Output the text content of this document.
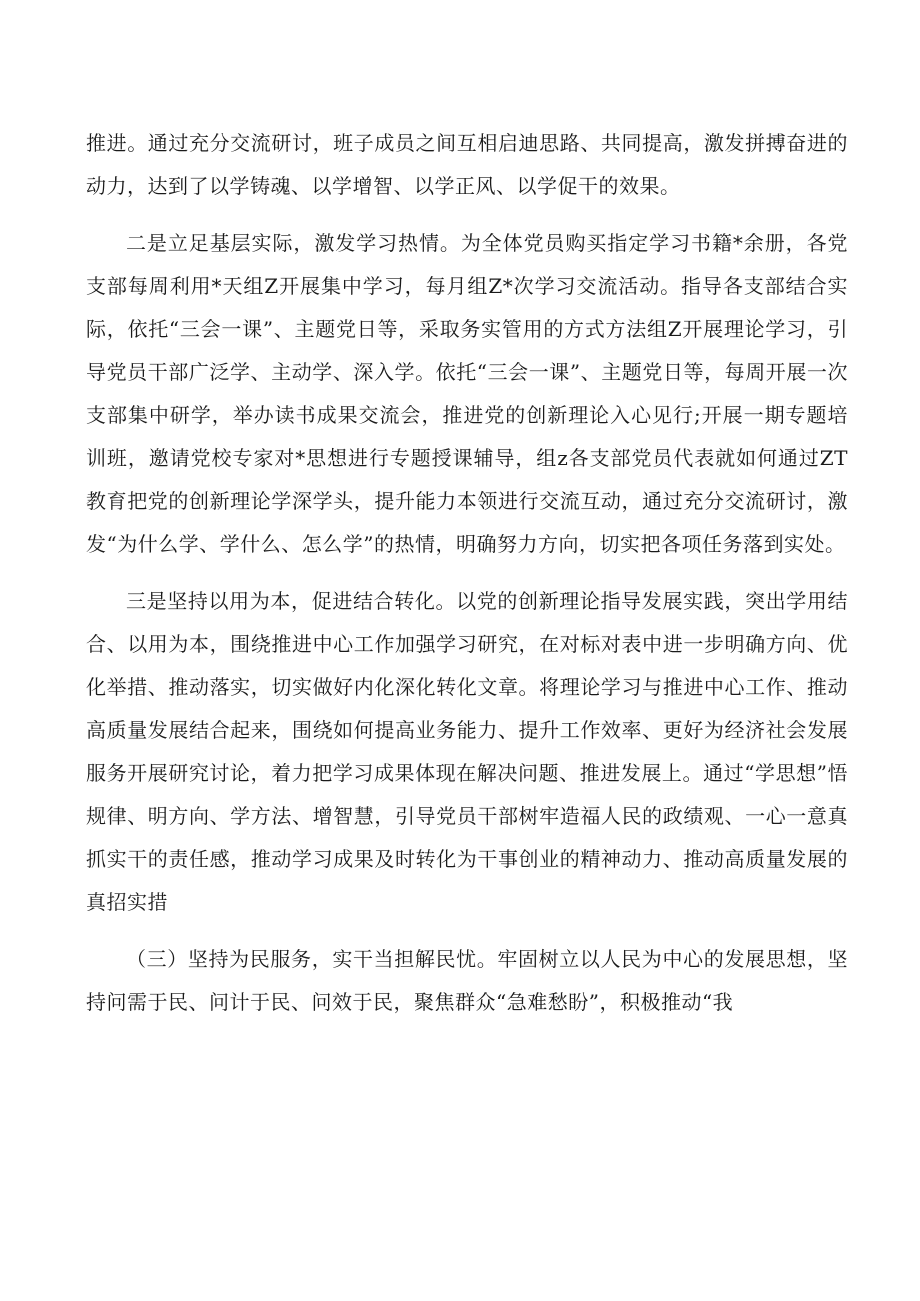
推进。通过充分交流研讨，班子成员之间互相启迪思路、共同提高，激发拼搏奋进的动力，达到了以学铸魂、以学增智、以学正风、以学促干的效果。

二是立足基层实际，激发学习热情。为全体党员购买指定学习书籍*余册，各党支部每周利用*天组Z开展集中学习，每月组Z*次学习交流活动。指导各支部结合实际，依托“三会一课”、主题党日等，采取务实管用的方式方法组Z开展理论学习，引导党员干部广泛学、主动学、深入学。依托“三会一课”、主题党日等，每周开展一次支部集中研学，举办读书成果交流会，推进党的创新理论入心见行;开展一期专题培训班，邀请党校专家对*思想进行专题授课辅导，组z各支部党员代表就如何通过ZT教育把党的创新理论学深学头，提升能力本领进行交流互动，通过充分交流研讨，激发“为什么学、学什么、怎么学”的热情，明确努力方向，切实把各项任务落到实处。

三是坚持以用为本，促进结合转化。以党的创新理论指导发展实践，突出学用结合、以用为本，围绕推进中心工作加强学习研究，在对标对表中进一步明确方向、优化举措、推动落实，切实做好内化深化转化文章。将理论学习与推进中心工作、推动高质量发展结合起来，围绕如何提高业务能力、提升工作效率、更好为经济社会发展服务开展研究讨论，着力把学习成果体现在解决问题、推进发展上。通过“学思想”悟规律、明方向、学方法、增智慧，引导党员干部树牢造福人民的政绩观、一心一意真抓实干的责任感，推动学习成果及时转化为干事创业的精神动力、推动高质量发展的真招实措

（三）坚持为民服务，实干当担解民忧。牢固树立以人民为中心的发展思想，坚持问需于民、问计于民、问效于民，聚焦群众“急难愁盼”，积极推动“我
